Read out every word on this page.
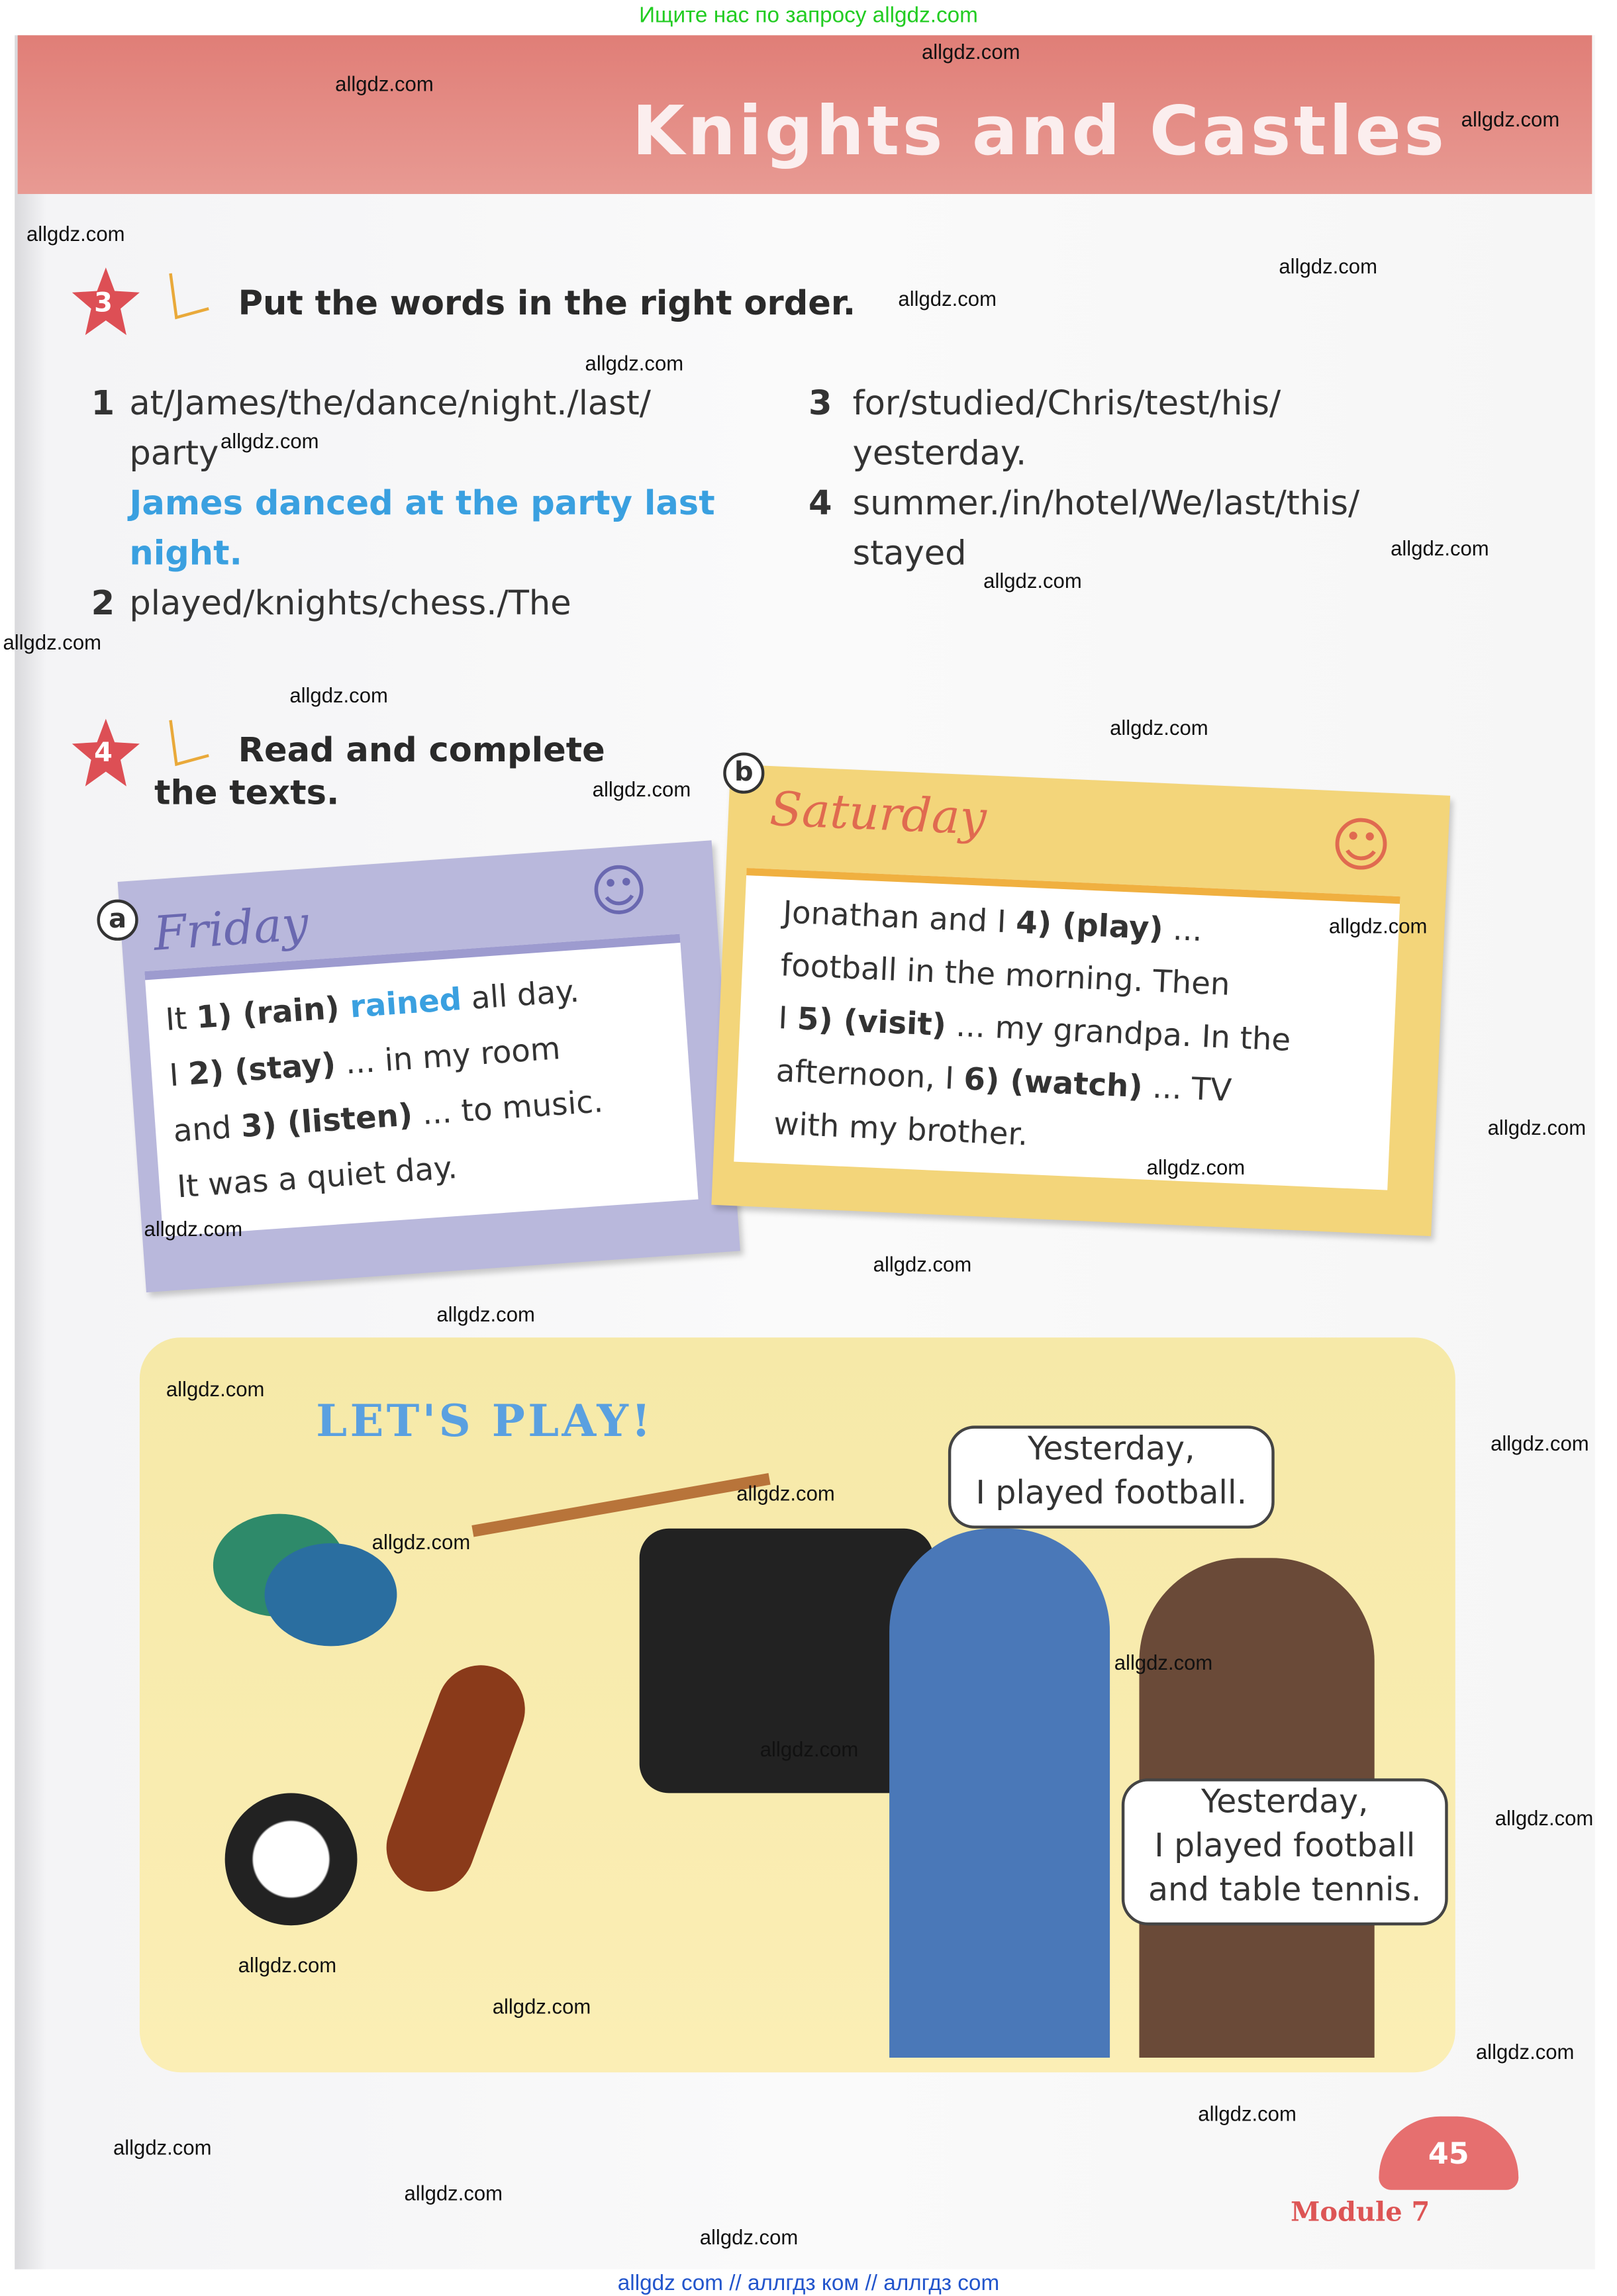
Ищите нас по запросу allgdz.com
Knights and Castles
3	Put the words in the right order.
1 at/James/the/dance/night./last/
party
James danced at the party last
night.
2 played/knights/chess./The
3 for/studied/Chris/test/his/
yesterday.
4 summer./in/hotel/We/last/this/
stayed
4	Read and complete
the texts.
Friday
☺
It 1) (rain) rained all day.
I 2) (stay) ... in my room
and 3) (listen) ... to music.
It was a quiet day.
a
Saturday	☺
Jonathan and I 4) (play) ...
football in the morning. Then
I 5) (visit) ... my grandpa. In the
afternoon, I 6) (watch) ... TV
with my brother.
b
LET'S PLAY!
Yesterday,
I played football.
Yesterday,
I played football
and table tennis.
45
Module 7
allgdz com // аллгдз ком // аллгдз com
allgdz.com
allgdz.com
allgdz.com
allgdz.com
allgdz.com
allgdz.com
allgdz.com
allgdz.com
allgdz.com
allgdz.com
allgdz.com
allgdz.com
allgdz.com
allgdz.com
allgdz.com
allgdz.com
allgdz.com
allgdz.com
allgdz.com
allgdz.com
allgdz.com
allgdz.com
allgdz.com
allgdz.com
allgdz.com
allgdz.com
allgdz.com
allgdz.com
allgdz.com
allgdz.com
allgdz.com
allgdz.com
allgdz.com
allgdz.com
